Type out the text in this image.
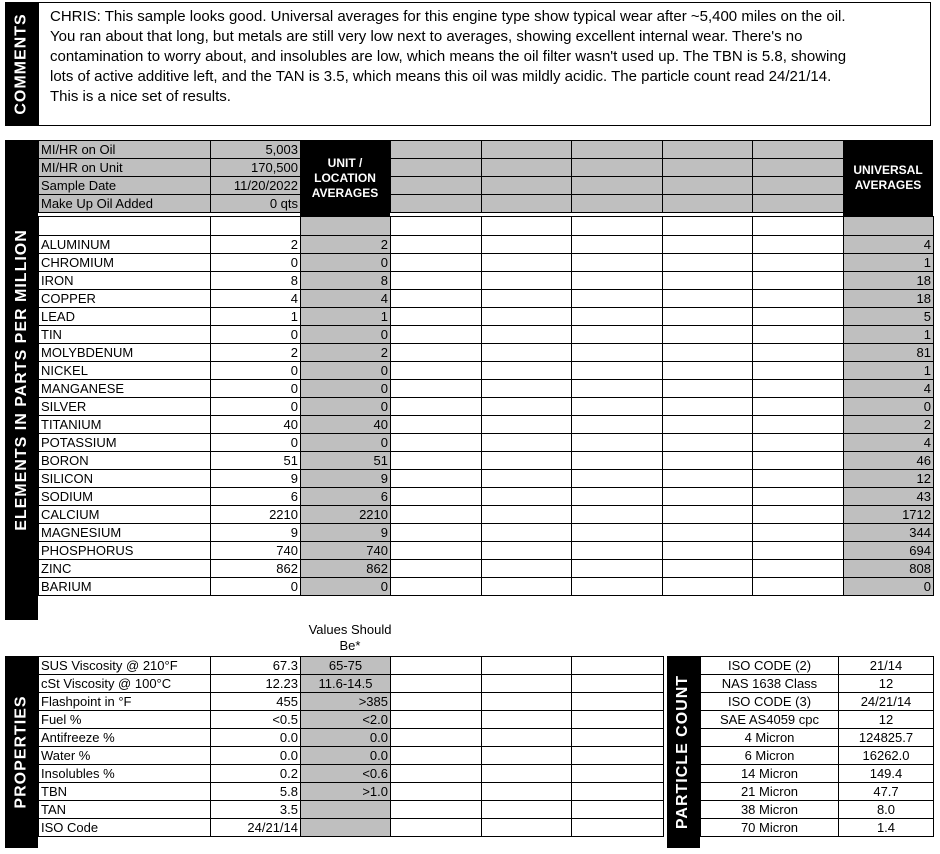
COMMENTS CHRIS: This sample looks good. Universal averages for this engine type show typical wear after ~5,400 miles on the oil. You ran about that long, but metals are still very low next to averages, showing excellent internal wear. There's no contamination to worry about, and insolubles are low, which means the oil filter wasn't used up. The TBN is 5.8, showing lots of active additive left, and the TAN is 3.5, which means this oil was mildly acidic. The particle count read 24/21/14. This is a nice set of results.
ELEMENTS IN PARTS PER MILLION
UNIT / LOCATION AVERAGES
UNIVERSAL AVERAGES
MI/HR on Oil	5,003
MI/HR on Unit	170,500
Sample Date	11/20/2022
Make Up Oil Added	0 qts

ALUMINUM	2	2						4
CHROMIUM	0	0						1
IRON	8	8						18
COPPER	4	4						18
LEAD	1	1						5
TIN	0	0						1
MOLYBDENUM	2	2						81
NICKEL	0	0						1
MANGANESE	0	0						4
SILVER	0	0						0
TITANIUM	40	40						2
POTASSIUM	0	0						4
BORON	51	51						46
SILICON	9	9						12
SODIUM	6	6						43
CALCIUM	2210	2210						1712
MAGNESIUM	9	9						344
PHOSPHORUS	740	740						694
ZINC	862	862						808
BARIUM	0	0						0
Values Should Be*
PROPERTIES
SUS Viscosity @ 210°F	67.3	65-75			
cSt Viscosity @ 100°C	12.23	11.6-14.5			
Flashpoint in °F	455	>385			
Fuel %	<0.5	<2.0			
Antifreeze %	0.0	0.0			
Water %	0.0	0.0			
Insolubles %	0.2	<0.6			
TBN	5.8	>1.0			
TAN	3.5				
ISO Code	24/21/14					PARTICLE COUNT
ISO CODE (2)	21/14
NAS 1638 Class	12
ISO CODE (3)	24/21/14
SAE AS4059 cpc	12
4 Micron	124825.7
6 Micron	16262.0
14 Micron	149.4
21 Micron	47.7
38 Micron	8.0
70 Micron	1.4
